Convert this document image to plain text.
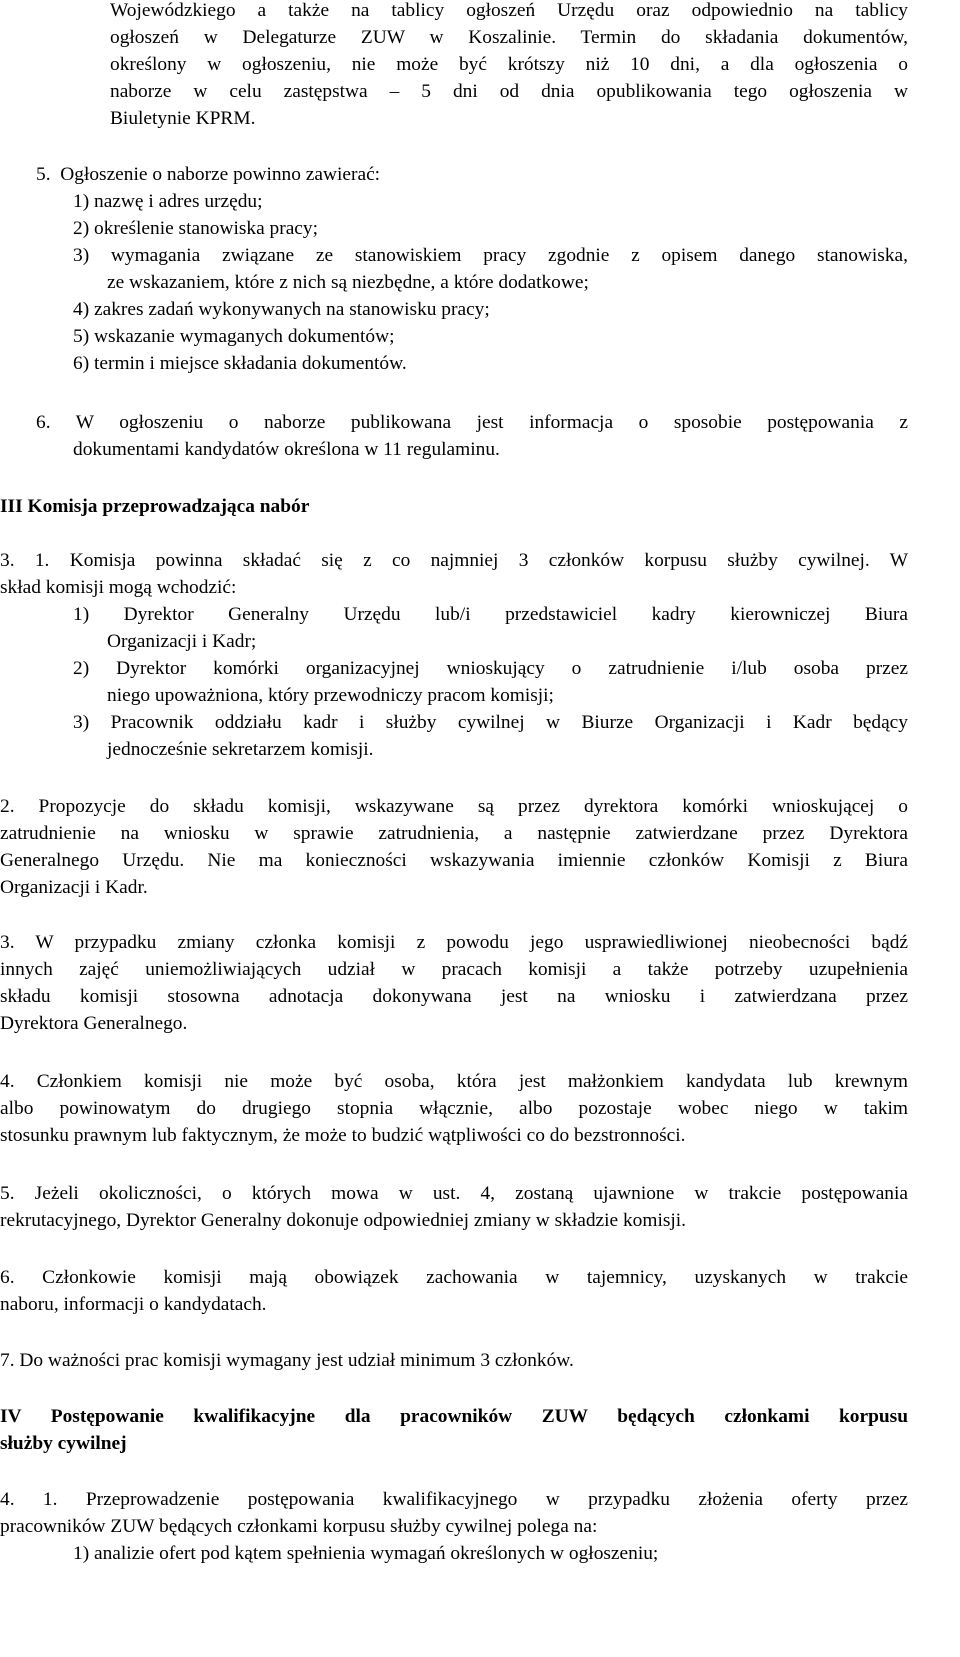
Wojewódzkiego a także na tablicy ogłoszeń Urzędu oraz odpowiednio na tablicy
ogłoszeń w Delegaturze ZUW w Koszalinie. Termin do składania dokumentów,
określony w ogłoszeniu, nie może być krótszy niż 10 dni, a dla ogłoszenia o
naborze w celu zastępstwa – 5 dni od dnia opublikowania tego ogłoszenia w
Biuletynie KPRM.
5. Ogłoszenie o naborze powinno zawierać:
1) nazwę i adres urzędu;
2) określenie stanowiska pracy;
3) wymagania związane ze stanowiskiem pracy zgodnie z opisem danego stanowiska,
ze wskazaniem, które z nich są niezbędne, a które dodatkowe;
4) zakres zadań wykonywanych na stanowisku pracy;
5) wskazanie wymaganych dokumentów;
6) termin i miejsce składania dokumentów.
6. W ogłoszeniu o naborze publikowana jest informacja o sposobie postępowania z
dokumentami kandydatów określona w 11 regulaminu.
III Komisja przeprowadzająca nabór
3. 1. Komisja powinna składać się z co najmniej 3 członków korpusu służby cywilnej. W
skład komisji mogą wchodzić:
1) Dyrektor Generalny Urzędu lub/i przedstawiciel kadry kierowniczej Biura
Organizacji i Kadr;
2) Dyrektor komórki organizacyjnej wnioskujący o zatrudnienie i/lub osoba przez
niego upoważniona, który przewodniczy pracom komisji;
3) Pracownik oddziału kadr i służby cywilnej w Biurze Organizacji i Kadr będący
jednocześnie sekretarzem komisji.
2. Propozycje do składu komisji, wskazywane są przez dyrektora komórki wnioskującej o
zatrudnienie na wniosku w sprawie zatrudnienia, a następnie zatwierdzane przez Dyrektora
Generalnego Urzędu. Nie ma konieczności wskazywania imiennie członków Komisji z Biura
Organizacji i Kadr.
3. W przypadku zmiany członka komisji z powodu jego usprawiedliwionej nieobecności bądź
innych zajęć uniemożliwiających udział w pracach komisji a także potrzeby uzupełnienia
składu komisji stosowna adnotacja dokonywana jest na wniosku i zatwierdzana przez
Dyrektora Generalnego.
4. Członkiem komisji nie może być osoba, która jest małżonkiem kandydata lub krewnym
albo powinowatym do drugiego stopnia włącznie, albo pozostaje wobec niego w takim
stosunku prawnym lub faktycznym, że może to budzić wątpliwości co do bezstronności.
5. Jeżeli okoliczności, o których mowa w ust. 4, zostaną ujawnione w trakcie postępowania
rekrutacyjnego, Dyrektor Generalny dokonuje odpowiedniej zmiany w składzie komisji.
6. Członkowie komisji mają obowiązek zachowania w tajemnicy, uzyskanych w trakcie
naboru, informacji o kandydatach.
7. Do ważności prac komisji wymagany jest udział minimum 3 członków.
IV Postępowanie kwalifikacyjne dla pracowników ZUW będących członkami korpusu
służby cywilnej
4. 1. Przeprowadzenie postępowania kwalifikacyjnego w przypadku złożenia oferty przez
pracowników ZUW będących członkami korpusu służby cywilnej polega na:
1) analizie ofert pod kątem spełnienia wymagań określonych w ogłoszeniu;
